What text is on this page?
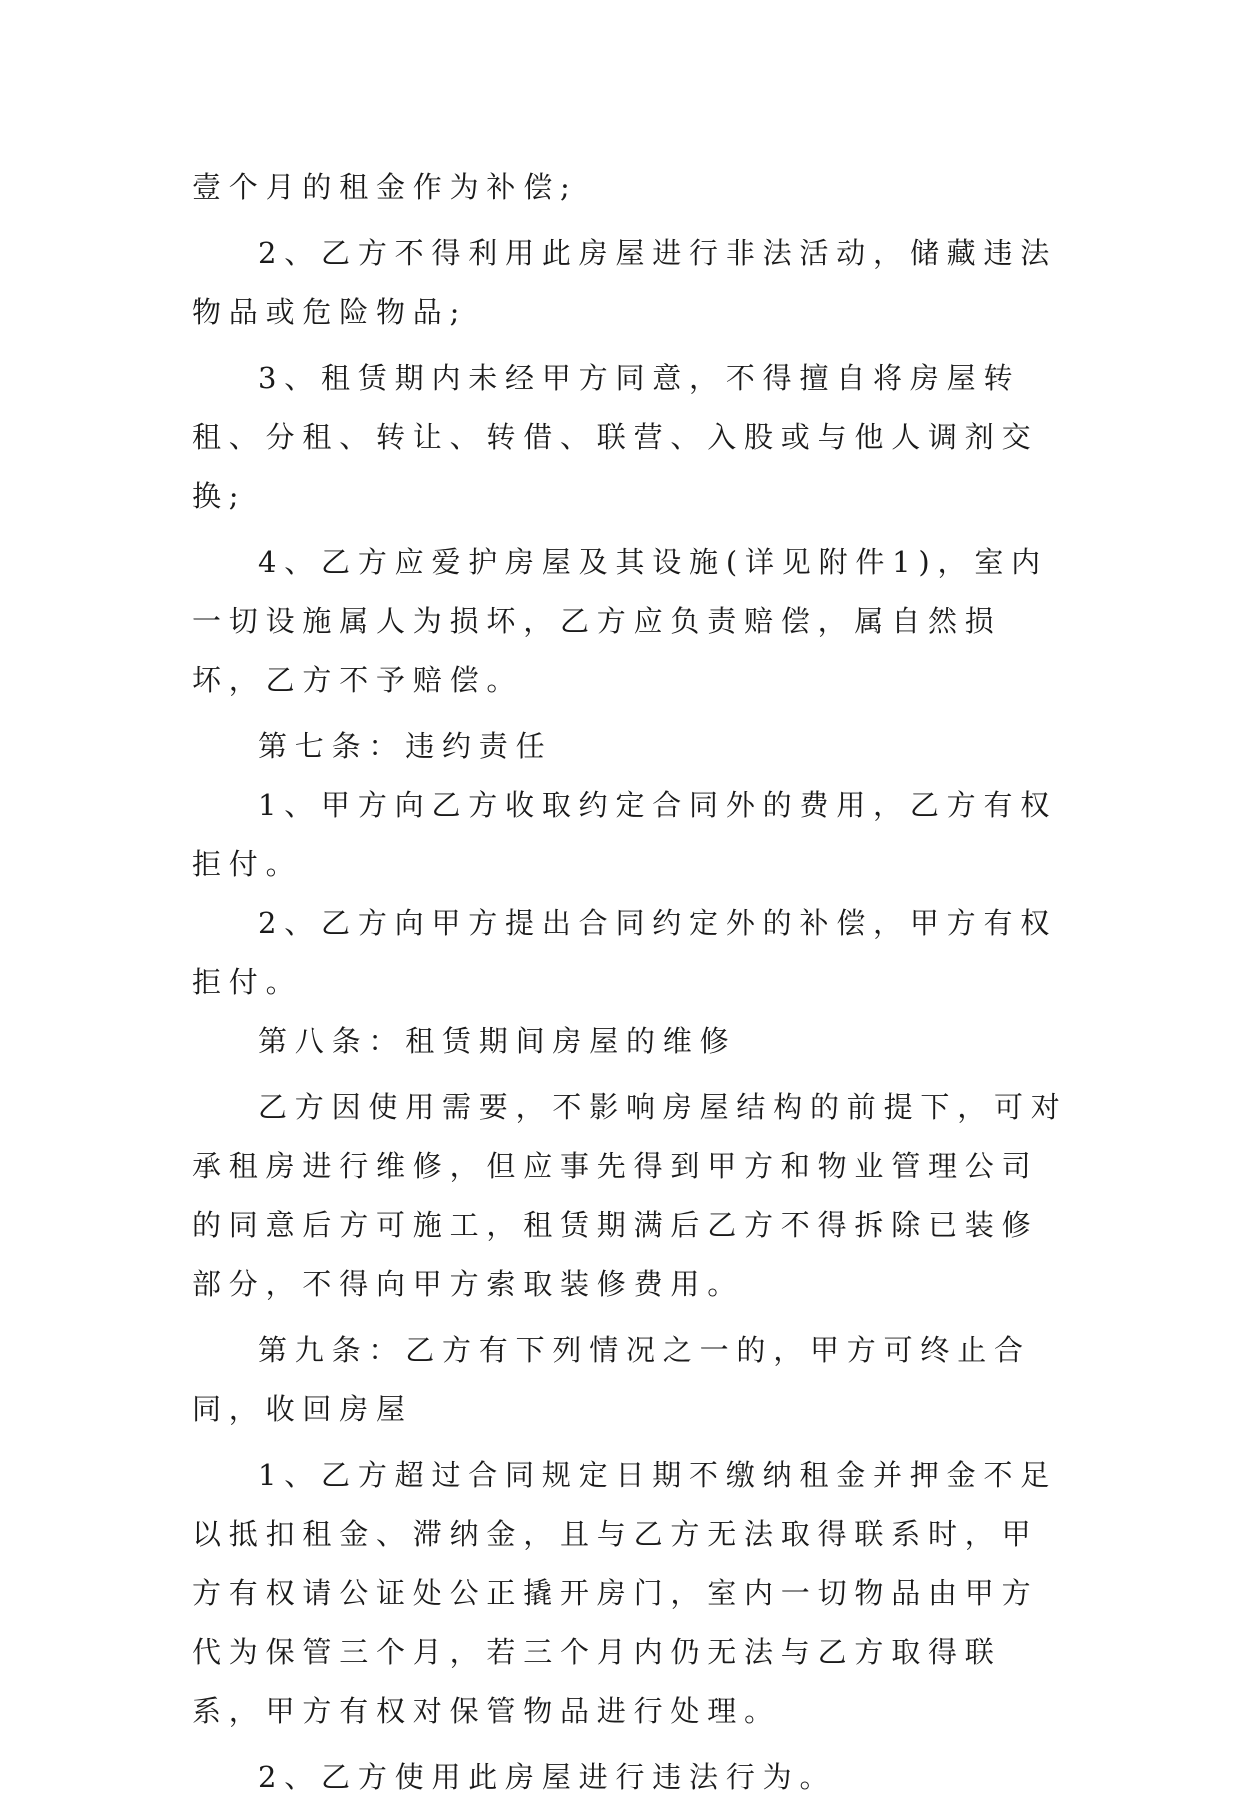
壹个月的租金作为补偿;

2、乙方不得利用此房屋进行非法活动，储藏违法物品或危险物品;

3、租赁期内未经甲方同意，不得擅自将房屋转租、分租、转让、转借、联营、入股或与他人调剂交换;

4、乙方应爱护房屋及其设施(详见附件1)，室内一切设施属人为损坏，乙方应负责赔偿，属自然损坏，乙方不予赔偿。

第七条：违约责任

1、甲方向乙方收取约定合同外的费用，乙方有权拒付。

2、乙方向甲方提出合同约定外的补偿，甲方有权拒付。

第八条：租赁期间房屋的维修

乙方因使用需要，不影响房屋结构的前提下，可对承租房进行维修，但应事先得到甲方和物业管理公司的同意后方可施工，租赁期满后乙方不得拆除已装修部分，不得向甲方索取装修费用。

第九条：乙方有下列情况之一的，甲方可终止合同，收回房屋

1、乙方超过合同规定日期不缴纳租金并押金不足以抵扣租金、滞纳金，且与乙方无法取得联系时，甲方有权请公证处公正撬开房门，室内一切物品由甲方代为保管三个月，若三个月内仍无法与乙方取得联系，甲方有权对保管物品进行处理。

2、乙方使用此房屋进行违法行为。
